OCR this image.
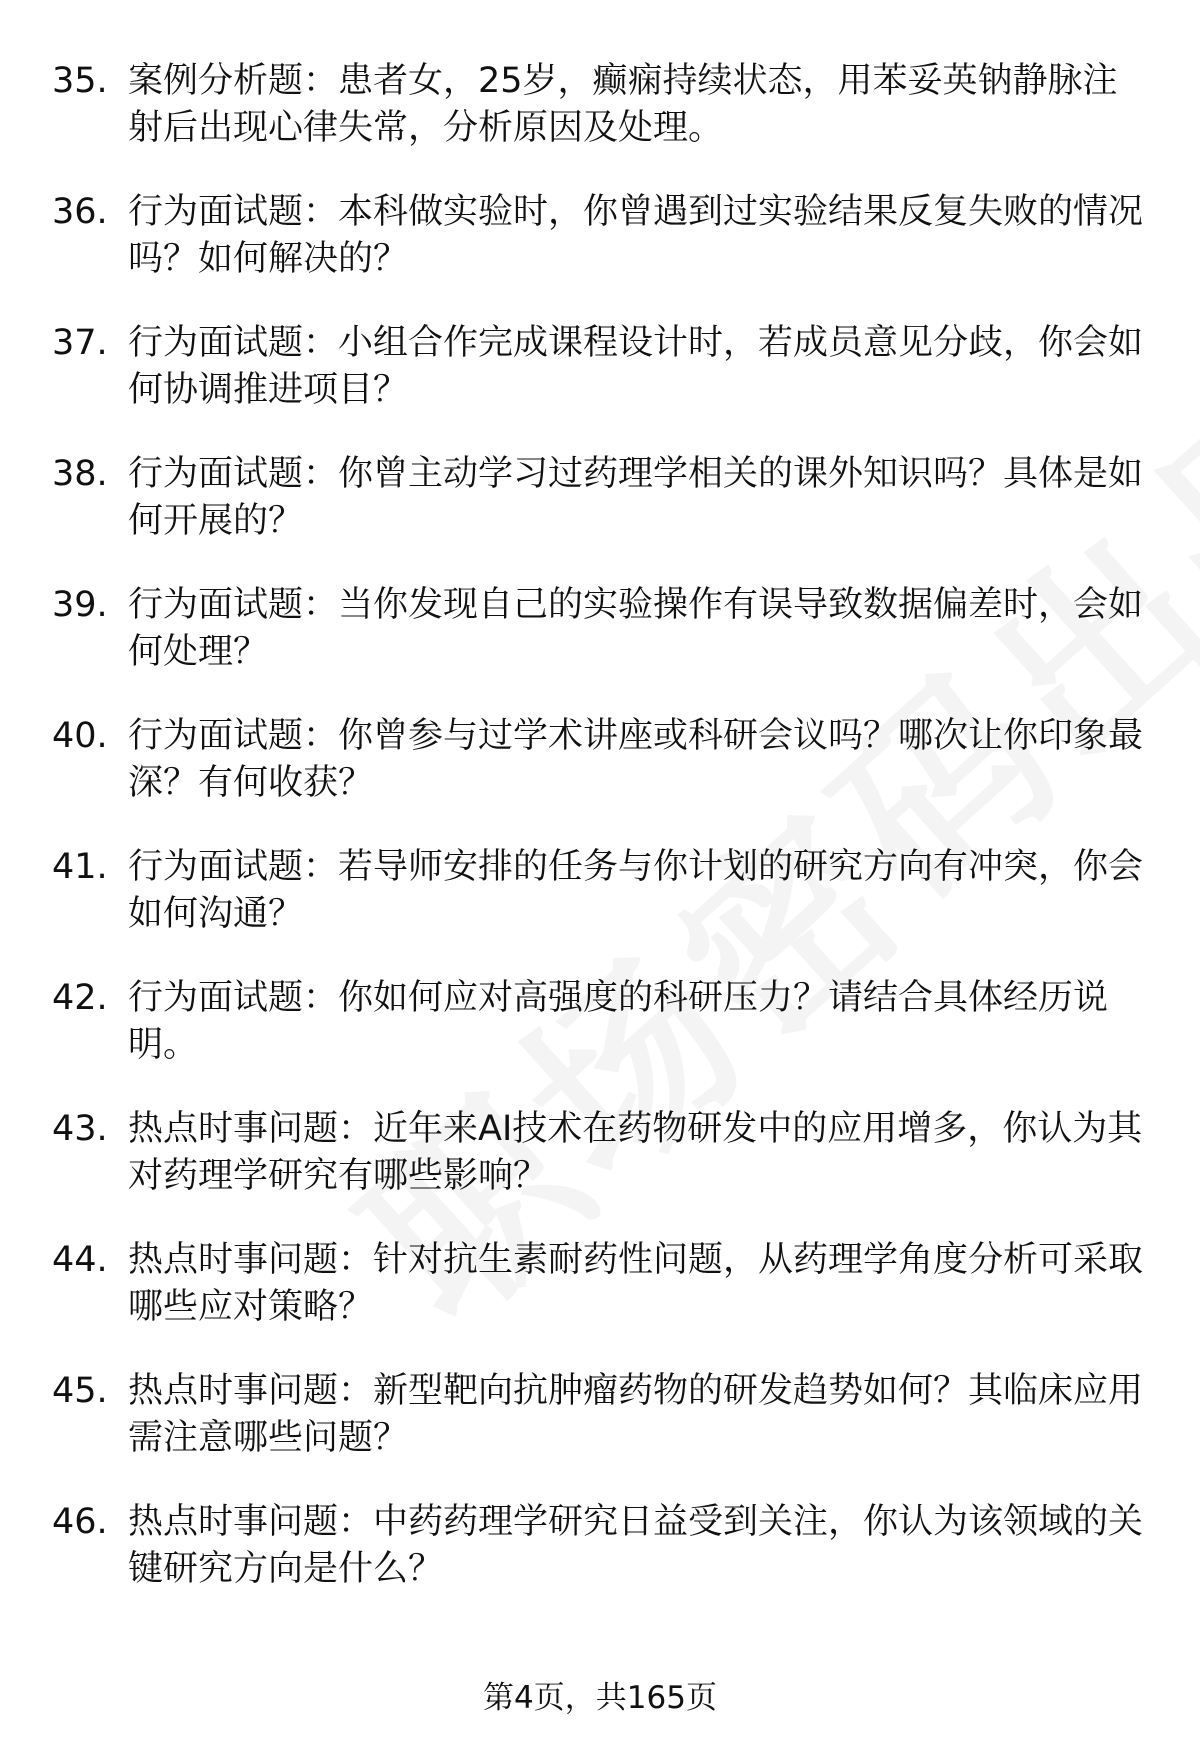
35. 案例分析题：患者女，25岁，癫痫持续状态，用苯妥英钠静脉注射后出现心律失常，分析原因及处理。
36. 行为面试题：本科做实验时，你曾遇到过实验结果反复失败的情况吗？如何解决的？
37. 行为面试题：小组合作完成课程设计时，若成员意见分歧，你会如何协调推进项目？
38. 行为面试题：你曾主动学习过药理学相关的课外知识吗？具体是如何开展的？
39. 行为面试题：当你发现自己的实验操作有误导致数据偏差时，会如何处理？
40. 行为面试题：你曾参与过学术讲座或科研会议吗？哪次让你印象最深？有何收获？
41. 行为面试题：若导师安排的任务与你计划的研究方向有冲突，你会如何沟通？
42. 行为面试题：你如何应对高强度的科研压力？请结合具体经历说明。
43. 热点时事问题：近年来AI技术在药物研发中的应用增多，你认为其对药理学研究有哪些影响？
44. 热点时事问题：针对抗生素耐药性问题，从药理学角度分析可采取哪些应对策略？
45. 热点时事问题：新型靶向抗肿瘤药物的研发趋势如何？其临床应用需注意哪些问题？
46. 热点时事问题：中药药理学研究日益受到关注，你认为该领域的关键研究方向是什么？
第4页，共165页
